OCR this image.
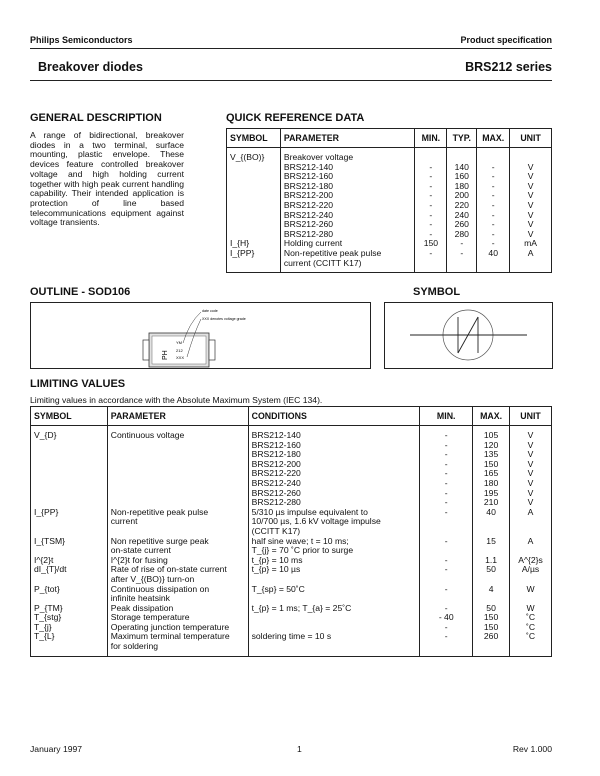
Philips Semiconductors	Product specification
Breakover diodes	BRS212 series
GENERAL DESCRIPTION
A range of bidirectional, breakover diodes in a two terminal, surface mounting, plastic envelope. These devices feature controlled breakover voltage and high holding current together with high peak current handling capability. Their intended application is protection of line based telecommunications equipment against voltage transients.
QUICK REFERENCE DATA
SYMBOL	PARAMETER	MIN.	TYP.	MAX.	UNIT
V_{(BO)}	Breakover voltage				
	BRS212-140	-	140	-	V
	BRS212-160	-	160	-	V
	BRS212-180	-	180	-	V
	BRS212-200	-	200	-	V
	BRS212-220	-	220	-	V
	BRS212-240	-	240	-	V
	BRS212-260	-	260	-	V
	BRS212-280	-	280	-	V
I_{H}	Holding current	150	-	-	mA
I_{PP}	Non-repetitive peak pulse	-	-	40	A
	current (CCITT K17)				
OUTLINE - SOD106
PH
YM
212
XXX
date code
XXX denotes voltage grade
SYMBOL
LIMITING VALUES
Limiting values in accordance with the Absolute Maximum System (IEC 134).
SYMBOL	PARAMETER	CONDITIONS	MIN.	MAX.	UNIT
V_{D}	Continuous voltage	BRS212-140	-	105	V
		BRS212-160	-	120	V
		BRS212-180	-	135	V
		BRS212-200	-	150	V
		BRS212-220	-	165	V
		BRS212-240	-	180	V
		BRS212-260	-	195	V
		BRS212-280	-	210	V
I_{PP}	Non-repetitive peak pulse	5/310 µs impulse equivalent to	-	40	A
	current	10/700 µs, 1.6 kV voltage impulse			
		(CCITT K17)			
I_{TSM}	Non repetitive surge peak	half sine wave; t = 10 ms;	-	15	A
	on-state current	T_{j} = 70 ˚C prior to surge			
I^{2}t	I^{2}t for fusing	t_{p} = 10 ms	-	1.1	A^{2}s
dI_{T}/dt	Rate of rise of on-state current	t_{p} = 10 µs	-	50	A/µs
	after V_{(BO)} turn-on				
P_{tot}	Continuous dissipation on	T_{sp} = 50˚C	-	4	W
	infinite heatsink				
P_{TM}	Peak dissipation	t_{p} = 1 ms; T_{a} = 25˚C	-	50	W
T_{stg}	Storage temperature		- 40	150	˚C
T_{j}	Operating junction temperature		-	150	˚C
T_{L}	Maximum terminal temperature	soldering time = 10 s	-	260	˚C
	for soldering				
January 1997	1	Rev 1.000
